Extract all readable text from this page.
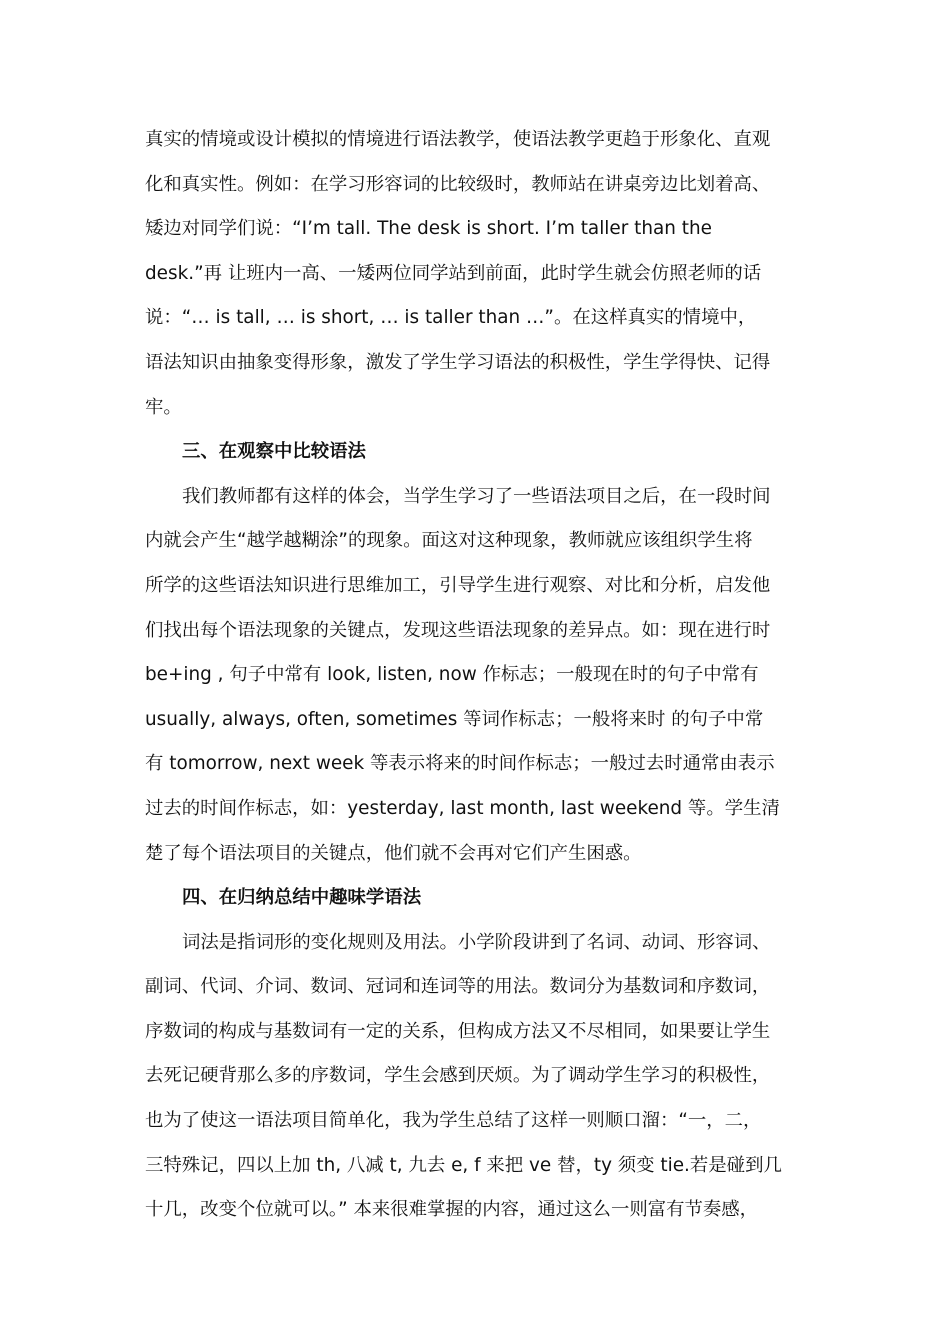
真实的情境或设计模拟的情境进行语法教学，使语法教学更趋于形象化、直观
化和真实性。例如：在学习形容词的比较级时，教师站在讲桌旁边比划着高、
矮边对同学们说：“I’m tall. The desk is short. I’m taller than the
desk.”再 让班内一高、一矮两位同学站到前面，此时学生就会仿照老师的话
说：“… is tall, … is short, … is taller than …”。在这样真实的情境中，
语法知识由抽象变得形象，激发了学生学习语法的积极性，学生学得快、记得
牢。
三、在观察中比较语法
我们教师都有这样的体会，当学生学习了一些语法项目之后，在一段时间
内就会产生“越学越糊涂”的现象。面这对这种现象，教师就应该组织学生将
所学的这些语法知识进行思维加工，引导学生进行观察、对比和分析，启发他
们找出每个语法现象的关键点，发现这些语法现象的差异点。如：现在进行时
be+ing , 句子中常有 look, listen, now 作标志；一般现在时的句子中常有
usually, always, often, sometimes 等词作标志；一般将来时 的句子中常
有 tomorrow, next week 等表示将来的时间作标志；一般过去时通常由表示
过去的时间作标志，如：yesterday, last month, last weekend 等。学生清
楚了每个语法项目的关键点，他们就不会再对它们产生困惑。
四、在归纳总结中趣味学语法
词法是指词形的变化规则及用法。小学阶段讲到了名词、动词、形容词、
副词、代词、介词、数词、冠词和连词等的用法。数词分为基数词和序数词，
序数词的构成与基数词有一定的关系，但构成方法又不尽相同，如果要让学生
去死记硬背那么多的序数词，学生会感到厌烦。为了调动学生学习的积极性，
也为了使这一语法项目简单化，我为学生总结了这样一则顺口溜：“一，二，
三特殊记，四以上加 th, 八减 t, 九去 e, f 来把 ve 替，ty 须变 tie.若是碰到几
十几，改变个位就可以。” 本来很难掌握的内容，通过这么一则富有节奏感，
